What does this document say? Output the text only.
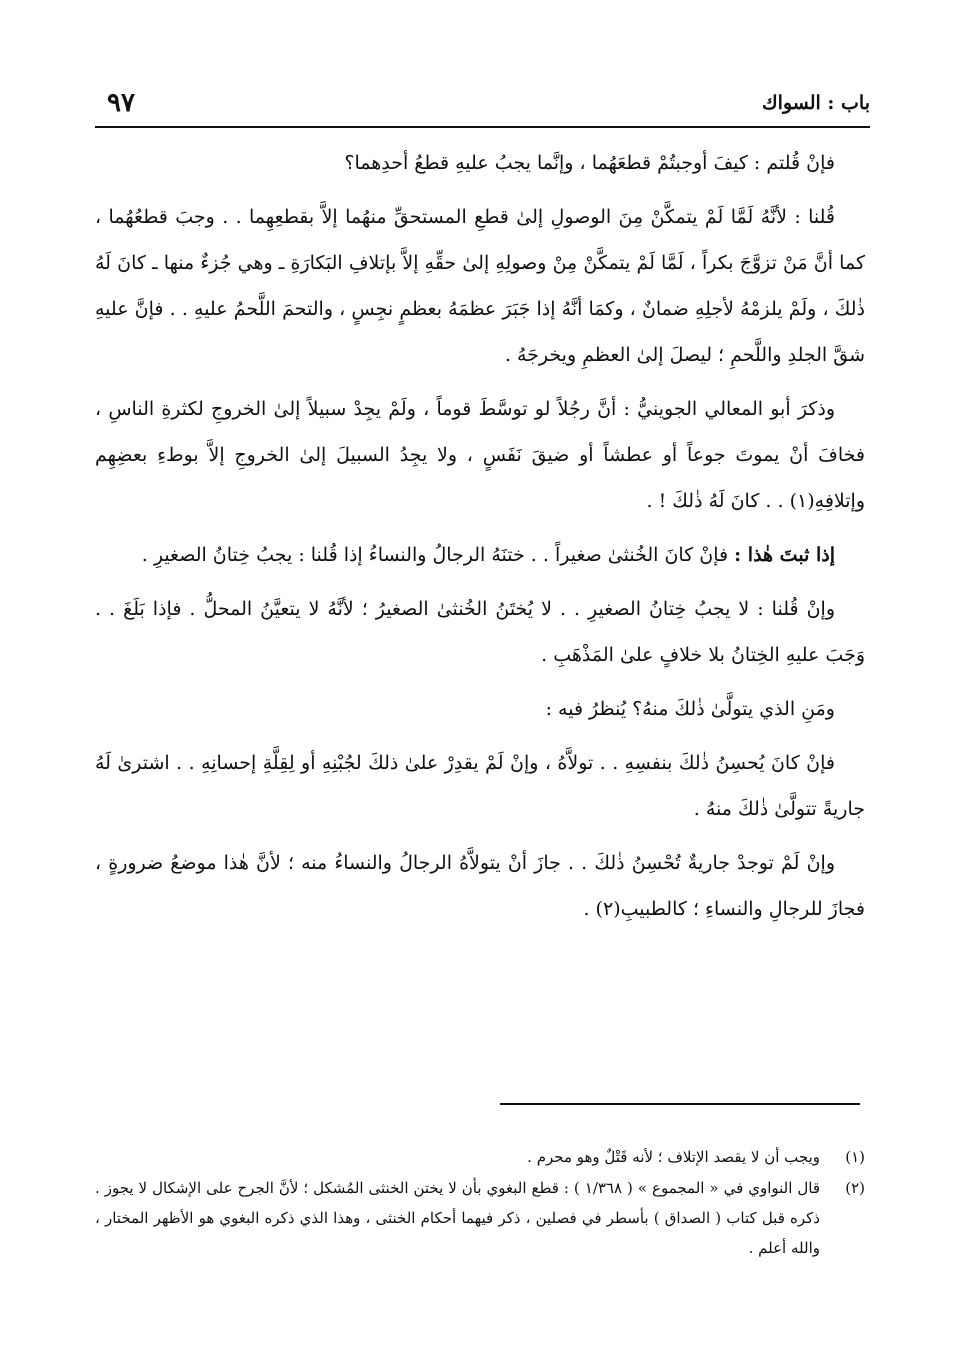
باب : السواك
٩٧

فإنْ قُلتم : كيفَ أوجبتُمْ قطعَهُما ، وإنَّما يجبُ عليهِ قطعُ أحدِهما؟

قُلنا : لأنَّهُ لَمَّا لَمْ يتمكَّنْ مِنَ الوصولِ إلىٰ قطعِ المستحقِّ منهُما إلاَّ بقطعِهِما . . وجبَ قطعُهُما ، كما أنَّ مَنْ تزوَّجَ بكراً ، لَمَّا لَمْ يتمكَّنْ مِنْ وصولِهِ إلىٰ حقِّهِ إلاَّ بإتلافِ البَكارَةِ ـ وهي جُزءٌ منها ـ كانَ لَهُ ذٰلكَ ، ولَمْ يلزمْهُ لأجلِهِ ضمانٌ ، وكمَا أنَّهُ إذا جَبَرَ عظمَهُ بعظمٍ نجِسٍ ، والتحمَ اللَّحمُ عليهِ . . فإنَّ عليهِ شقَّ الجلدِ واللَّحمِ ؛ ليصلَ إلىٰ العظمِ ويخرجَهُ .

وذكرَ أبو المعالي الجوينيُّ : أنَّ رجُلاً لو توسَّطَ قوماً ، ولَمْ يجِدْ سبيلاً إلىٰ الخروجِ لكثرةِ الناسِ ، فخافَ أنْ يموتَ جوعاً أو عطشاً أو ضيقَ نَفَسٍ ، ولا يجِدُ السبيلَ إلىٰ الخروجِ إلاَّ بوطءِ بعضِهِم وإتلافِهِ(١) . . كانَ لَهُ ذٰلكَ ! .

إذا ثبتَ هٰذا : فإنْ كانَ الخُنثىٰ صغيراً . . ختنَهُ الرجالُ والنساءُ إذا قُلنا : يجبُ خِتانُ الصغيرِ .

وإنْ قُلنا : لا يجبُ خِتانُ الصغيرِ . . لا يُختَنُ الخُنثىٰ الصغيرُ ؛ لأنَّهُ لا يتعيَّنُ المحلُّ . فإذا بَلَغَ . . وَجَبَ عليهِ الخِتانُ بلا خلافٍ علىٰ المَذْهَبِ .

ومَنِ الذي يتولَّىٰ ذٰلكَ منهُ؟ يُنظرُ فيه :

فإنْ كانَ يُحسِنُ ذٰلكَ بنفسِهِ . . تولاَّهُ ، وإنْ لَمْ يقدِرْ علىٰ ذلكَ لجُبْنِهِ أو لِقِلَّةِ إحسانِهِ . . اشترىٰ لَهُ جاريةً تتولَّىٰ ذٰلكَ منهُ .

وإنْ لَمْ توجدْ جاريةٌ تُحْسِنُ ذٰلكَ . . جازَ أنْ يتولاَّهُ الرجالُ والنساءُ منه ؛ لأنَّ هٰذا موضعُ ضرورةٍ ، فجازَ للرجالِ والنساءِ ؛ كالطبيبِ(٢) .

(١)
ويجب أن لا يقصد الإتلاف ؛ لأنه قَتْلٌ وهو محرم .
(٢)
قال النواوي في « المجموع » ( ١/٣٦٨ ) : قطع البغوي بأن لا يختن الخنثى المُشكل ؛ لأنَّ الجرح على الإشكال لا يجوز . ذكره قبل كتاب ( الصداق ) بأسطر في فصلين ، ذكر فيهما أحكام الخنثى ، وهذا الذي ذكره البغوي هو الأظهر المختار ، والله أعلم .
